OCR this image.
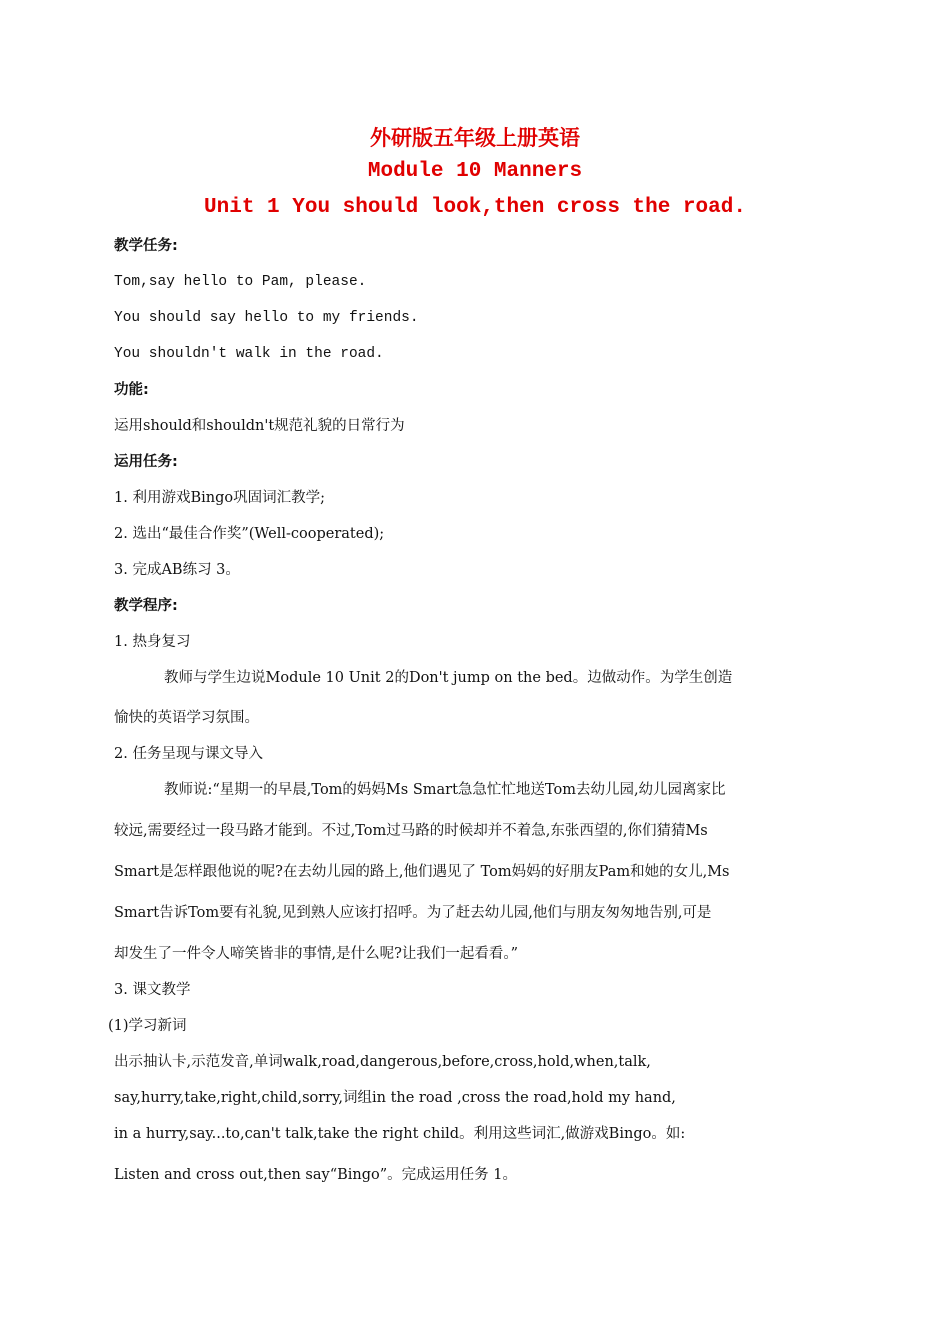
外研版五年级上册英语
Module 10 Manners
Unit 1 You should look,then cross the road.
教学任务:
Tom,say hello to Pam, please.
You should say hello to my friends.
You shouldn't walk in the road.
功能:
运用should和shouldn't规范礼貌的日常行为
运用任务:
1. 利用游戏Bingo巩固词汇教学;
2. 选出“最佳合作奖”(Well-cooperated);
3. 完成AB练习 3。
教学程序:
1. 热身复习
教师与学生边说Module 10 Unit 2的Don't jump on the bed。边做动作。为学生创造
愉快的英语学习氛围。
2. 任务呈现与课文导入
教师说:“星期一的早晨,Tom的妈妈Ms Smart急急忙忙地送Tom去幼儿园,幼儿园离家比
较远,需要经过一段马路才能到。不过,Tom过马路的时候却并不着急,东张西望的,你们猜猜Ms
Smart是怎样跟他说的呢?在去幼儿园的路上,他们遇见了 Tom妈妈的好朋友Pam和她的女儿,Ms
Smart告诉Tom要有礼貌,见到熟人应该打招呼。为了赶去幼儿园,他们与朋友匆匆地告别,可是
却发生了一件令人啼笑皆非的事情,是什么呢?让我们一起看看。”
3. 课文教学
(1)学习新词
出示抽认卡,示范发音,单词walk,road,dangerous,before,cross,hold,when,talk,
say,hurry,take,right,child,sorry,词组in the road ,cross the road,hold my hand,
in a hurry,say...to,can't talk,take the right child。利用这些词汇,做游戏Bingo。如:
Listen and cross out,then say“Bingo”。完成运用任务 1。
